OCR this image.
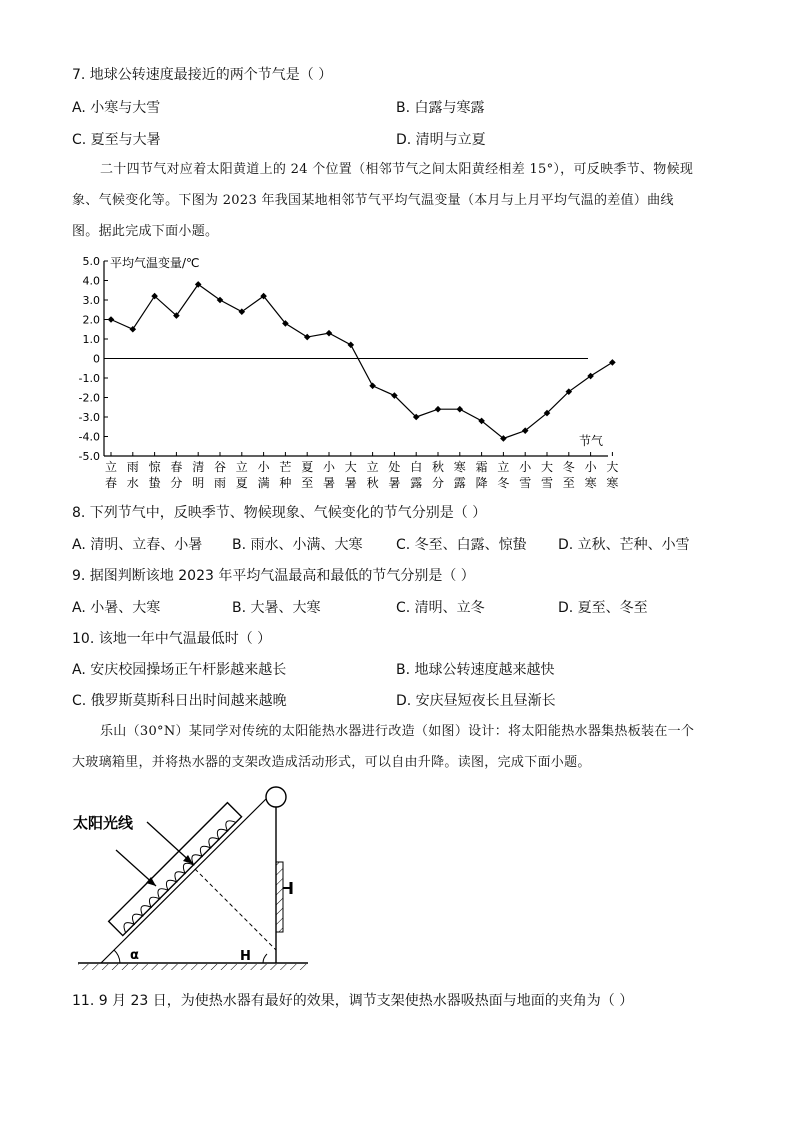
7. 地球公转速度最接近的两个节气是（ ）
A. 小寒与大雪	B. 白露与寒露
C. 夏至与大暑	D. 清明与立夏
二十四节气对应着太阳黄道上的 24 个位置（相邻节气之间太阳黄经相差 15°），可反映季节、物候现
象、气候变化等。下图为 2023 年我国某地相邻节气平均气温变量（本月与上月平均气温的差值）曲线
图。据此完成下面小题。
5.0
4.0
3.0
2.0
1.0
0
-1.0
-2.0
-3.0
-4.0
-5.0
平均气温变量/℃
节气
立
春
雨
水
惊
蛰
春
分
清
明
谷
雨
立
夏
小
满
芒
种
夏
至
小
暑
大
暑
立
秋
处
暑
白
露
秋
分
寒
露
霜
降
立
冬
小
雪
大
雪
冬
至
小
寒
大
寒
8. 下列节气中，反映季节、物候现象、气候变化的节气分别是（ ）
A. 清明、立春、小暑 B. 雨水、小满、大寒 C. 冬至、白露、惊蛰 D. 立秋、芒种、小雪
9. 据图判断该地 2023 年平均气温最高和最低的节气分别是（ ）
A. 小暑、大寒	B. 大暑、大寒	C. 清明、立冬	D. 夏至、冬至
10. 该地一年中气温最低时（ ）
A. 安庆校园操场正午杆影越来越长	B. 地球公转速度越来越快
C. 俄罗斯莫斯科日出时间越来越晚	D. 安庆昼短夜长且昼渐长
乐山（30°N）某同学对传统的太阳能热水器进行改造（如图）设计：将太阳能热水器集热板装在一个
大玻璃箱里，并将热水器的支架改造成活动形式，可以自由升降。读图，完成下面小题。
太阳光线
α	H
11. 9 月 23 日，为使热水器有最好的效果，调节支架使热水器吸热面与地面的夹角为（ ）
